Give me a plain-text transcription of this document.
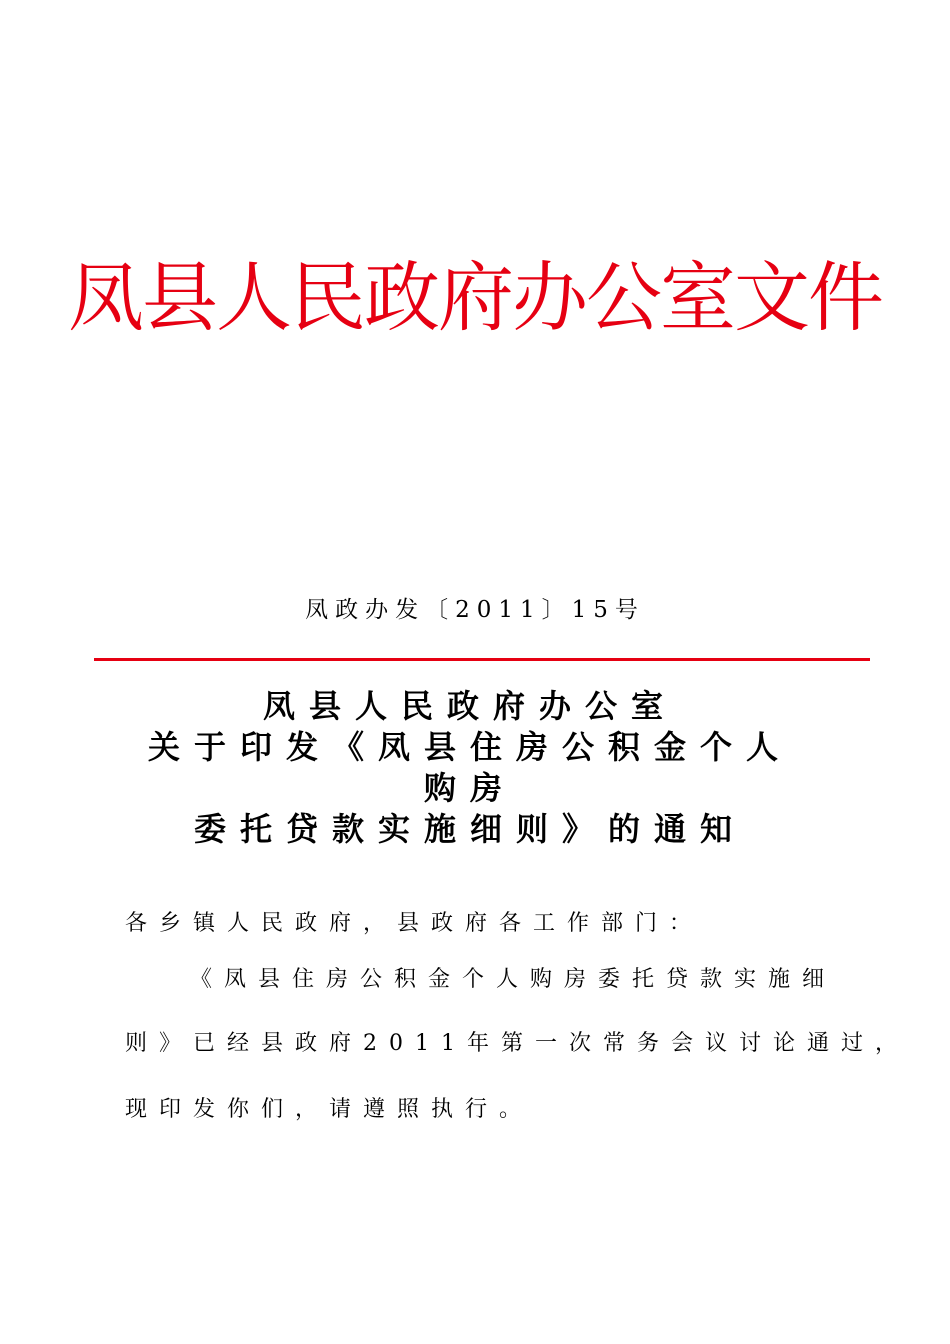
凤县人民政府办公室文件
凤政办发〔2011〕15号
凤县人民政府办公室
关于印发《凤县住房公积金个人
购房
委托贷款实施细则》的通知
各乡镇人民政府，县政府各工作部门：
《凤县住房公积金个人购房委托贷款实施细
则》已经县政府2011年第一次常务会议讨论通过，
现印发你们，请遵照执行。
